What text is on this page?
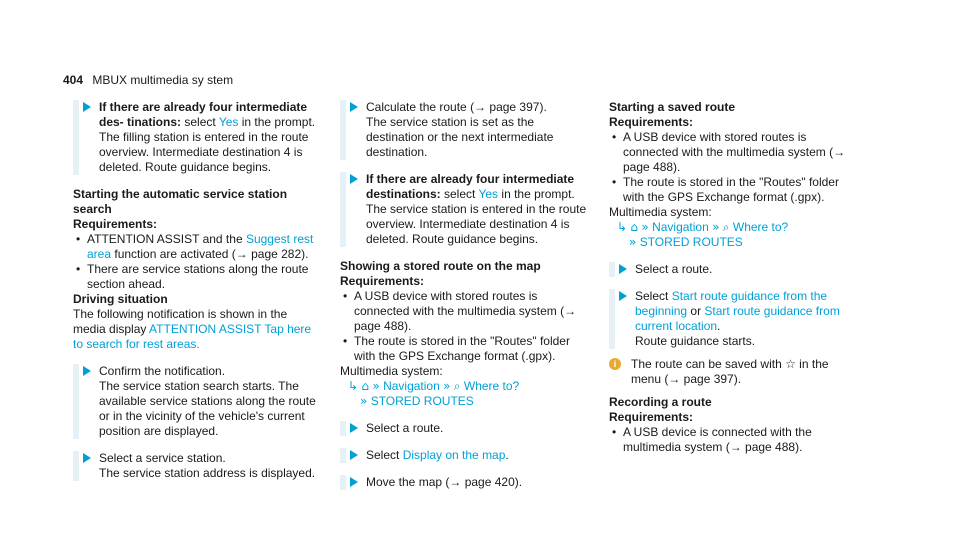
404 MBUX multimedia sy stem
If there are already four intermediate des- tinations: select Yes in the prompt.
The filling station is entered in the route overview. Intermediate destination 4 is deleted. Route guidance begins.
Starting the automatic service station search
Requirements:
• ATTENTION ASSIST and the Suggest rest area function are activated (→ page 282).
• There are service stations along the route section ahead.
Driving situation
The following notification is shown in the media display ATTENTION ASSIST Tap here to search for rest areas.
Confirm the notification.
The service station search starts. The available service stations along the route or in the vicinity of the vehicle's current position are displayed.
Select a service station.
The service station address is displayed.
Calculate the route (→ page 397).
The service station is set as the destination or the next intermediate destination.
If there are already four intermediate destinations: select Yes in the prompt.
The service station is entered in the route overview. Intermediate destination 4 is deleted. Route guidance begins.
Showing a stored route on the map
Requirements:
• A USB device with stored routes is connected with the multimedia system (→ page 488).
• The route is stored in the "Routes" folder with the GPS Exchange format (.gpx).
Multimedia system:
↳ ⌂ » Navigation » ⌕ Where to?
» STORED ROUTES
Select a route.
Select Display on the map.
Move the map (→ page 420).
Starting a saved route
Requirements:
• A USB device with stored routes is connected with the multimedia system (→ page 488).
• The route is stored in the "Routes" folder with the GPS Exchange format (.gpx).
Multimedia system:
↳ ⌂ » Navigation » ⌕ Where to?
» STORED ROUTES
Select a route.
Select Start route guidance from the beginning or Start route guidance from current location.
Route guidance starts.
i	The route can be saved with ☆ in the menu (→ page 397).
Recording a route
Requirements:
• A USB device is connected with the multimedia system (→ page 488).
